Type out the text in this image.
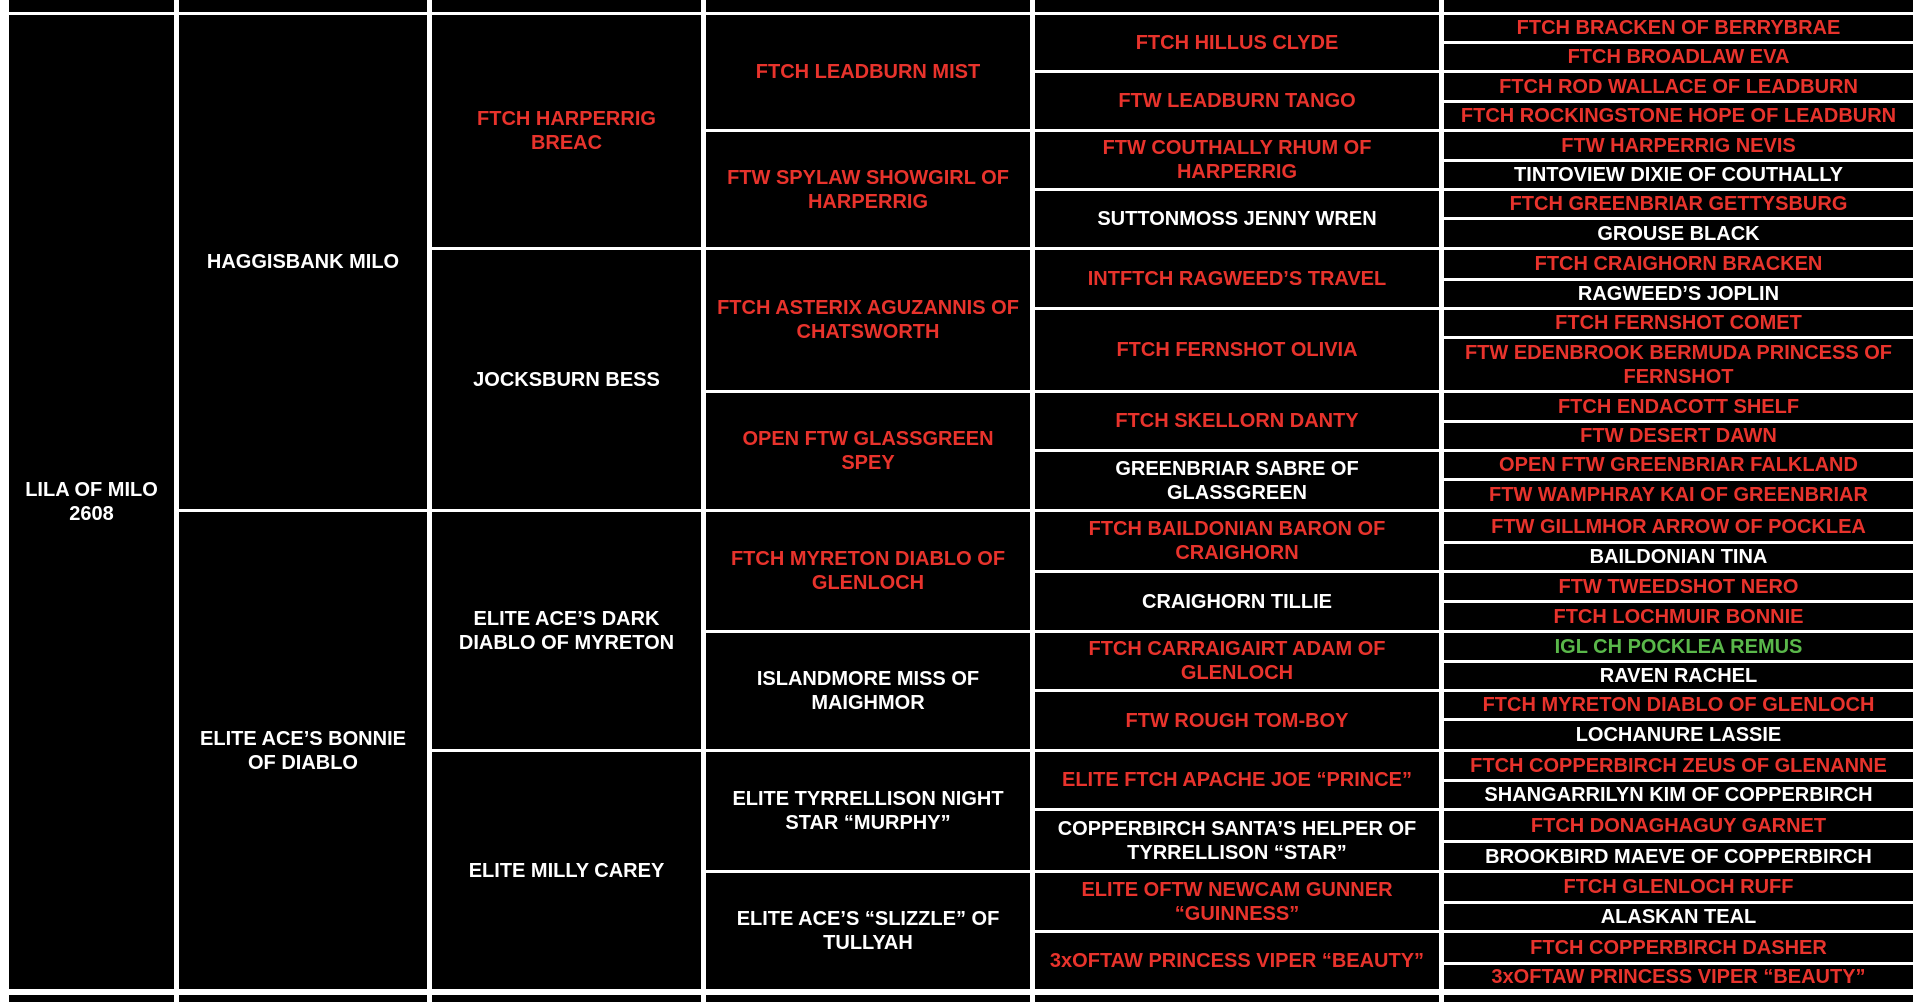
FTCH BRACKEN OF BERRYBRAE
FTCH BROADLAW EVA
FTCH ROD WALLACE OF LEADBURN
FTCH ROCKINGSTONE HOPE OF LEADBURN
FTW HARPERRIG NEVIS
TINTOVIEW DIXIE OF COUTHALLY
FTCH GREENBRIAR GETTYSBURG
GROUSE BLACK
FTCH CRAIGHORN BRACKEN
RAGWEED’S JOPLIN
FTCH FERNSHOT COMET
FTW EDENBROOK BERMUDA PRINCESS OF FERNSHOT
FTCH ENDACOTT SHELF
FTW DESERT DAWN
OPEN FTW GREENBRIAR FALKLAND
FTW WAMPHRAY KAI OF GREENBRIAR
FTW GILLMHOR ARROW OF POCKLEA
BAILDONIAN TINA
FTW TWEEDSHOT NERO
FTCH LOCHMUIR BONNIE
IGL CH POCKLEA REMUS
RAVEN RACHEL
FTCH MYRETON DIABLO OF GLENLOCH
LOCHANURE LASSIE
FTCH COPPERBIRCH ZEUS OF GLENANNE
SHANGARRILYN KIM OF COPPERBIRCH
FTCH DONAGHAGUY GARNET
BROOKBIRD MAEVE OF COPPERBIRCH
FTCH GLENLOCH RUFF
ALASKAN TEAL
FTCH COPPERBIRCH DASHER
3xOFTAW PRINCESS VIPER “BEAUTY”
FTCH HILLUS CLYDE
FTW LEADBURN TANGO
FTW COUTHALLY RHUM OF HARPERRIG
SUTTONMOSS JENNY WREN
INTFTCH RAGWEED’S TRAVEL
FTCH FERNSHOT OLIVIA
FTCH SKELLORN DANTY
GREENBRIAR SABRE OF GLASSGREEN
FTCH BAILDONIAN BARON OF CRAIGHORN
CRAIGHORN TILLIE
FTCH CARRAIGAIRT ADAM OF GLENLOCH
FTW ROUGH TOM-BOY
ELITE FTCH APACHE JOE “PRINCE”
COPPERBIRCH SANTA’S HELPER OF TYRRELLISON “STAR”
ELITE OFTW NEWCAM GUNNER “GUINNESS”
3xOFTAW PRINCESS VIPER “BEAUTY”
FTCH LEADBURN MIST
FTW SPYLAW SHOWGIRL OF HARPERRIG
FTCH ASTERIX AGUZANNIS OF CHATSWORTH
OPEN FTW GLASSGREEN SPEY
FTCH MYRETON DIABLO OF GLENLOCH
ISLANDMORE MISS OF MAIGHMOR
ELITE TYRRELLISON NIGHT STAR “MURPHY”
ELITE ACE’S “SLIZZLE” OF TULLYAH
FTCH HARPERRIG BREAC
JOCKSBURN BESS
ELITE ACE’S DARK DIABLO OF MYRETON
ELITE MILLY CAREY
HAGGISBANK MILO
ELITE ACE’S BONNIE OF DIABLO
LILA OF MILO
2608
